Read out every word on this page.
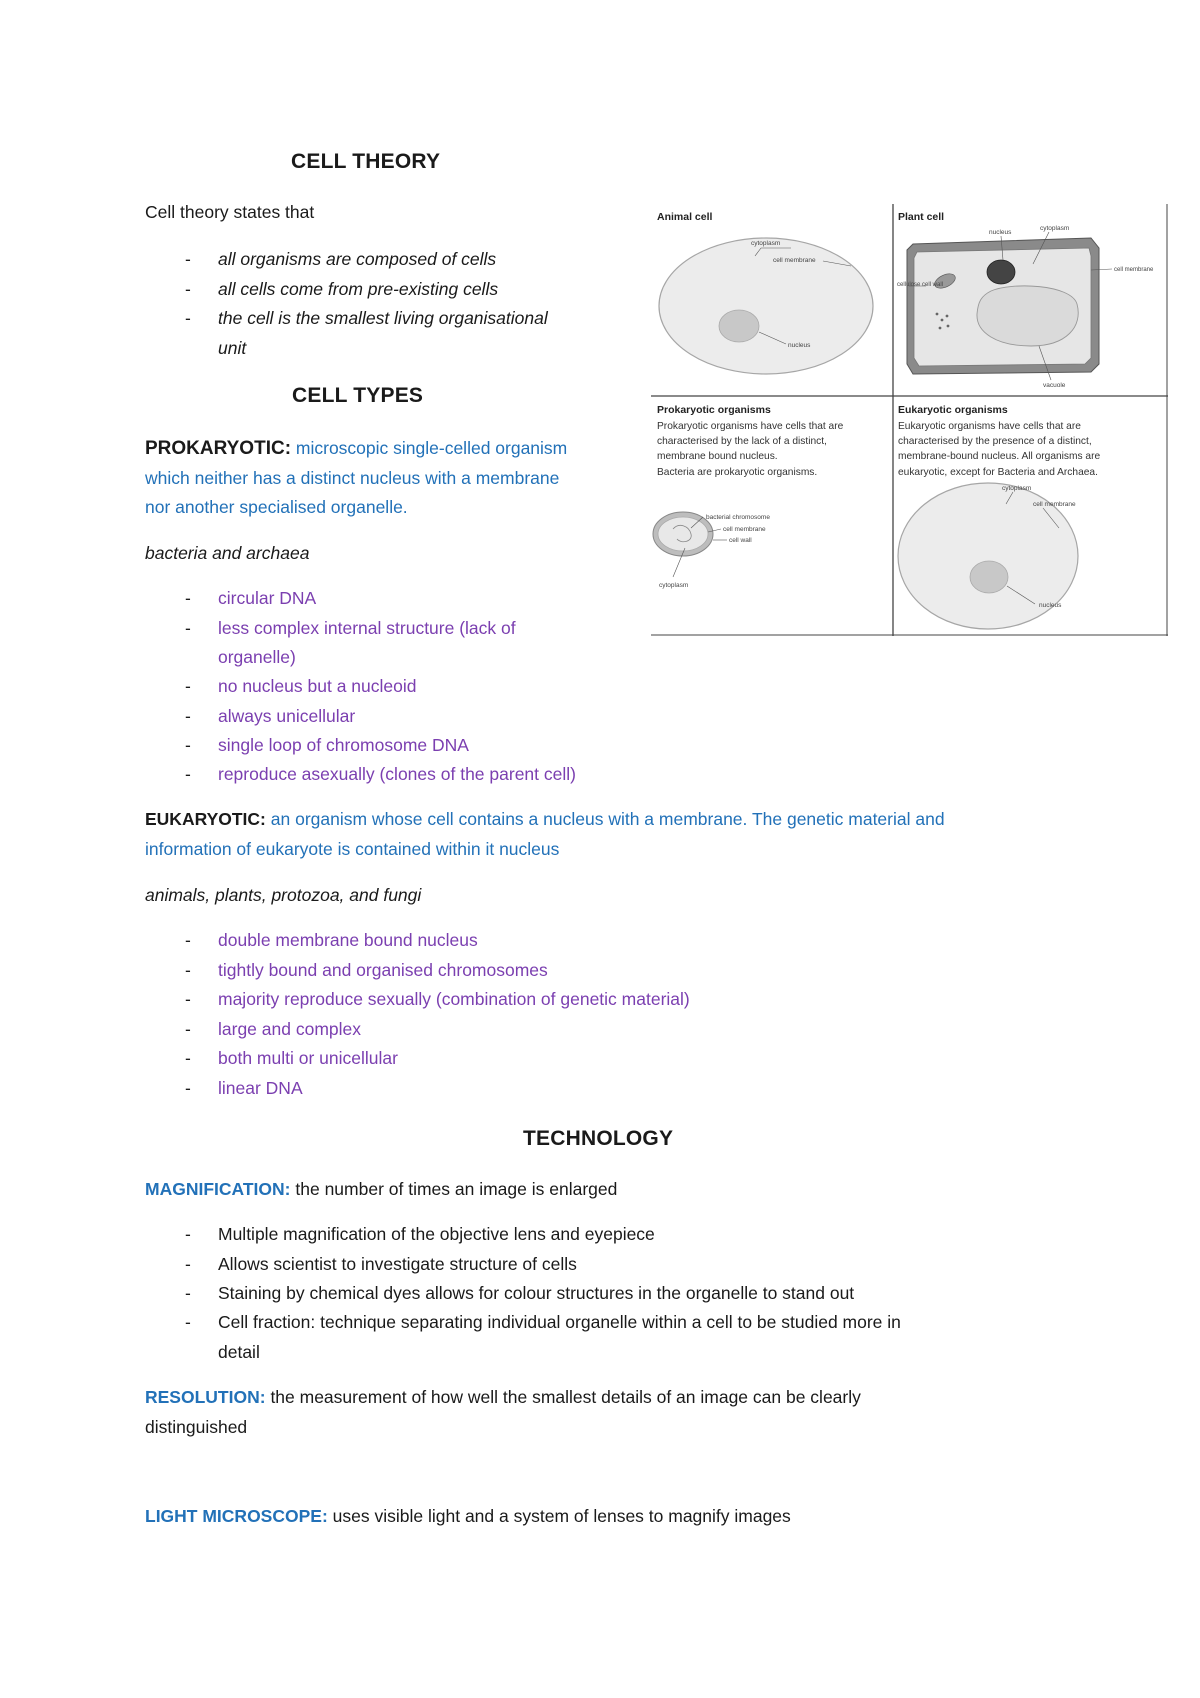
CELL THEORY
Cell theory states that
- all organisms are composed of cells
- all cells come from pre-existing cells
- the cell is the smallest living organisational
unit
CELL TYPES
PROKARYOTIC: microscopic single-celled organism
which neither has a distinct nucleus with a membrane
nor another specialised organelle.
bacteria and archaea
- circular DNA
- less complex internal structure (lack of
organelle)
- no nucleus but a nucleoid
- always unicellular
- single loop of chromosome DNA
- reproduce asexually (clones of the parent cell)
EUKARYOTIC: an organism whose cell contains a nucleus with a membrane. The genetic material and
information of eukaryote is contained within it nucleus
animals, plants, protozoa, and fungi
- double membrane bound nucleus
- tightly bound and organised chromosomes
- majority reproduce sexually (combination of genetic material)
- large and complex
- both multi or unicellular
- linear DNA
TECHNOLOGY
MAGNIFICATION: the number of times an image is enlarged
- Multiple magnification of the objective lens and eyepiece
- Allows scientist to investigate structure of cells
- Staining by chemical dyes allows for colour structures in the organelle to stand out
- Cell fraction: technique separating individual organelle within a cell to be studied more in
detail
RESOLUTION: the measurement of how well the smallest details of an image can be clearly
distinguished
LIGHT MICROSCOPE: uses visible light and a system of lenses to magnify images
Animal cell
cytoplasm
cell membrane
nucleus
Plant cell
nucleus
cytoplasm
cellulose cell wall
cell membrane
vacuole
Prokaryotic organisms
Prokaryotic organisms have cells that are
characterised by the lack of a distinct,
membrane bound nucleus.
Bacteria are prokaryotic organisms.
bacterial chromosome
cell membrane
cell wall
cytoplasm
Eukaryotic organisms
Eukaryotic organisms have cells that are
characterised by the presence of a distinct,
membrane-bound nucleus. All organisms are
eukaryotic, except for Bacteria and Archaea.
cytoplasm
cell membrane
nucleus
